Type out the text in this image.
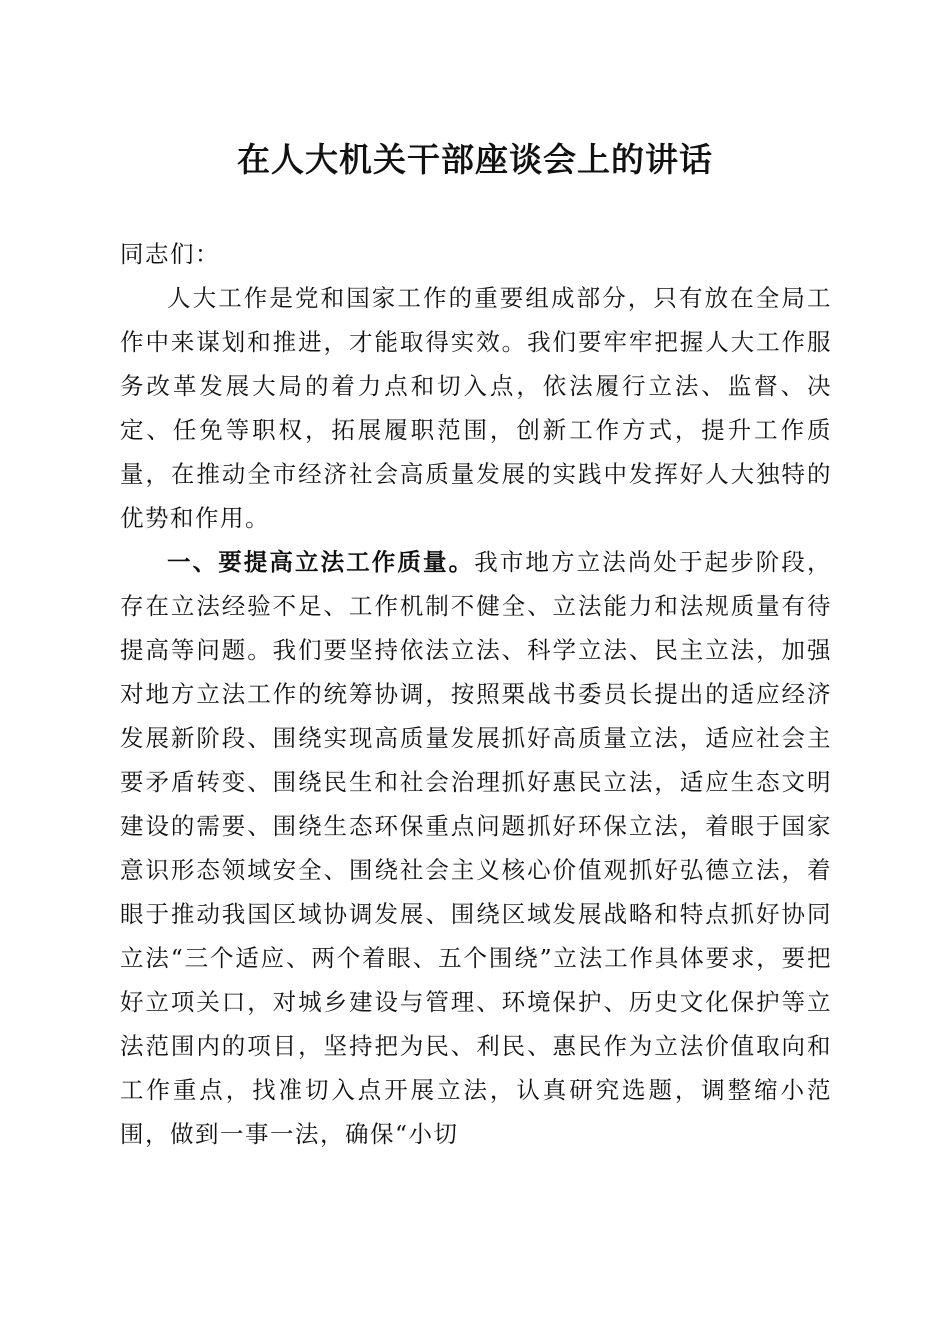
在人大机关干部座谈会上的讲话

同志们：

人大工作是党和国家工作的重要组成部分，只有放在全局工作中来谋划和推进，才能取得实效。我们要牢牢把握人大工作服务改革发展大局的着力点和切入点，依法履行立法、监督、决定、任免等职权，拓展履职范围，创新工作方式，提升工作质量，在推动全市经济社会高质量发展的实践中发挥好人大独特的优势和作用。

一、要提高立法工作质量。我市地方立法尚处于起步阶段，存在立法经验不足、工作机制不健全、立法能力和法规质量有待提高等问题。我们要坚持依法立法、科学立法、民主立法，加强对地方立法工作的统筹协调，按照栗战书委员长提出的适应经济发展新阶段、围绕实现高质量发展抓好高质量立法，适应社会主要矛盾转变、围绕民生和社会治理抓好惠民立法，适应生态文明建设的需要、围绕生态环保重点问题抓好环保立法，着眼于国家意识形态领域安全、围绕社会主义核心价值观抓好弘德立法，着眼于推动我国区域协调发展、围绕区域发展战略和特点抓好协同立法“三个适应、两个着眼、五个围绕”立法工作具体要求，要把好立项关口，对城乡建设与管理、环境保护、历史文化保护等立法范围内的项目，坚持把为民、利民、惠民作为立法价值取向和工作重点，找准切入点开展立法，认真研究选题，调整缩小范围，做到一事一法，确保“小切
